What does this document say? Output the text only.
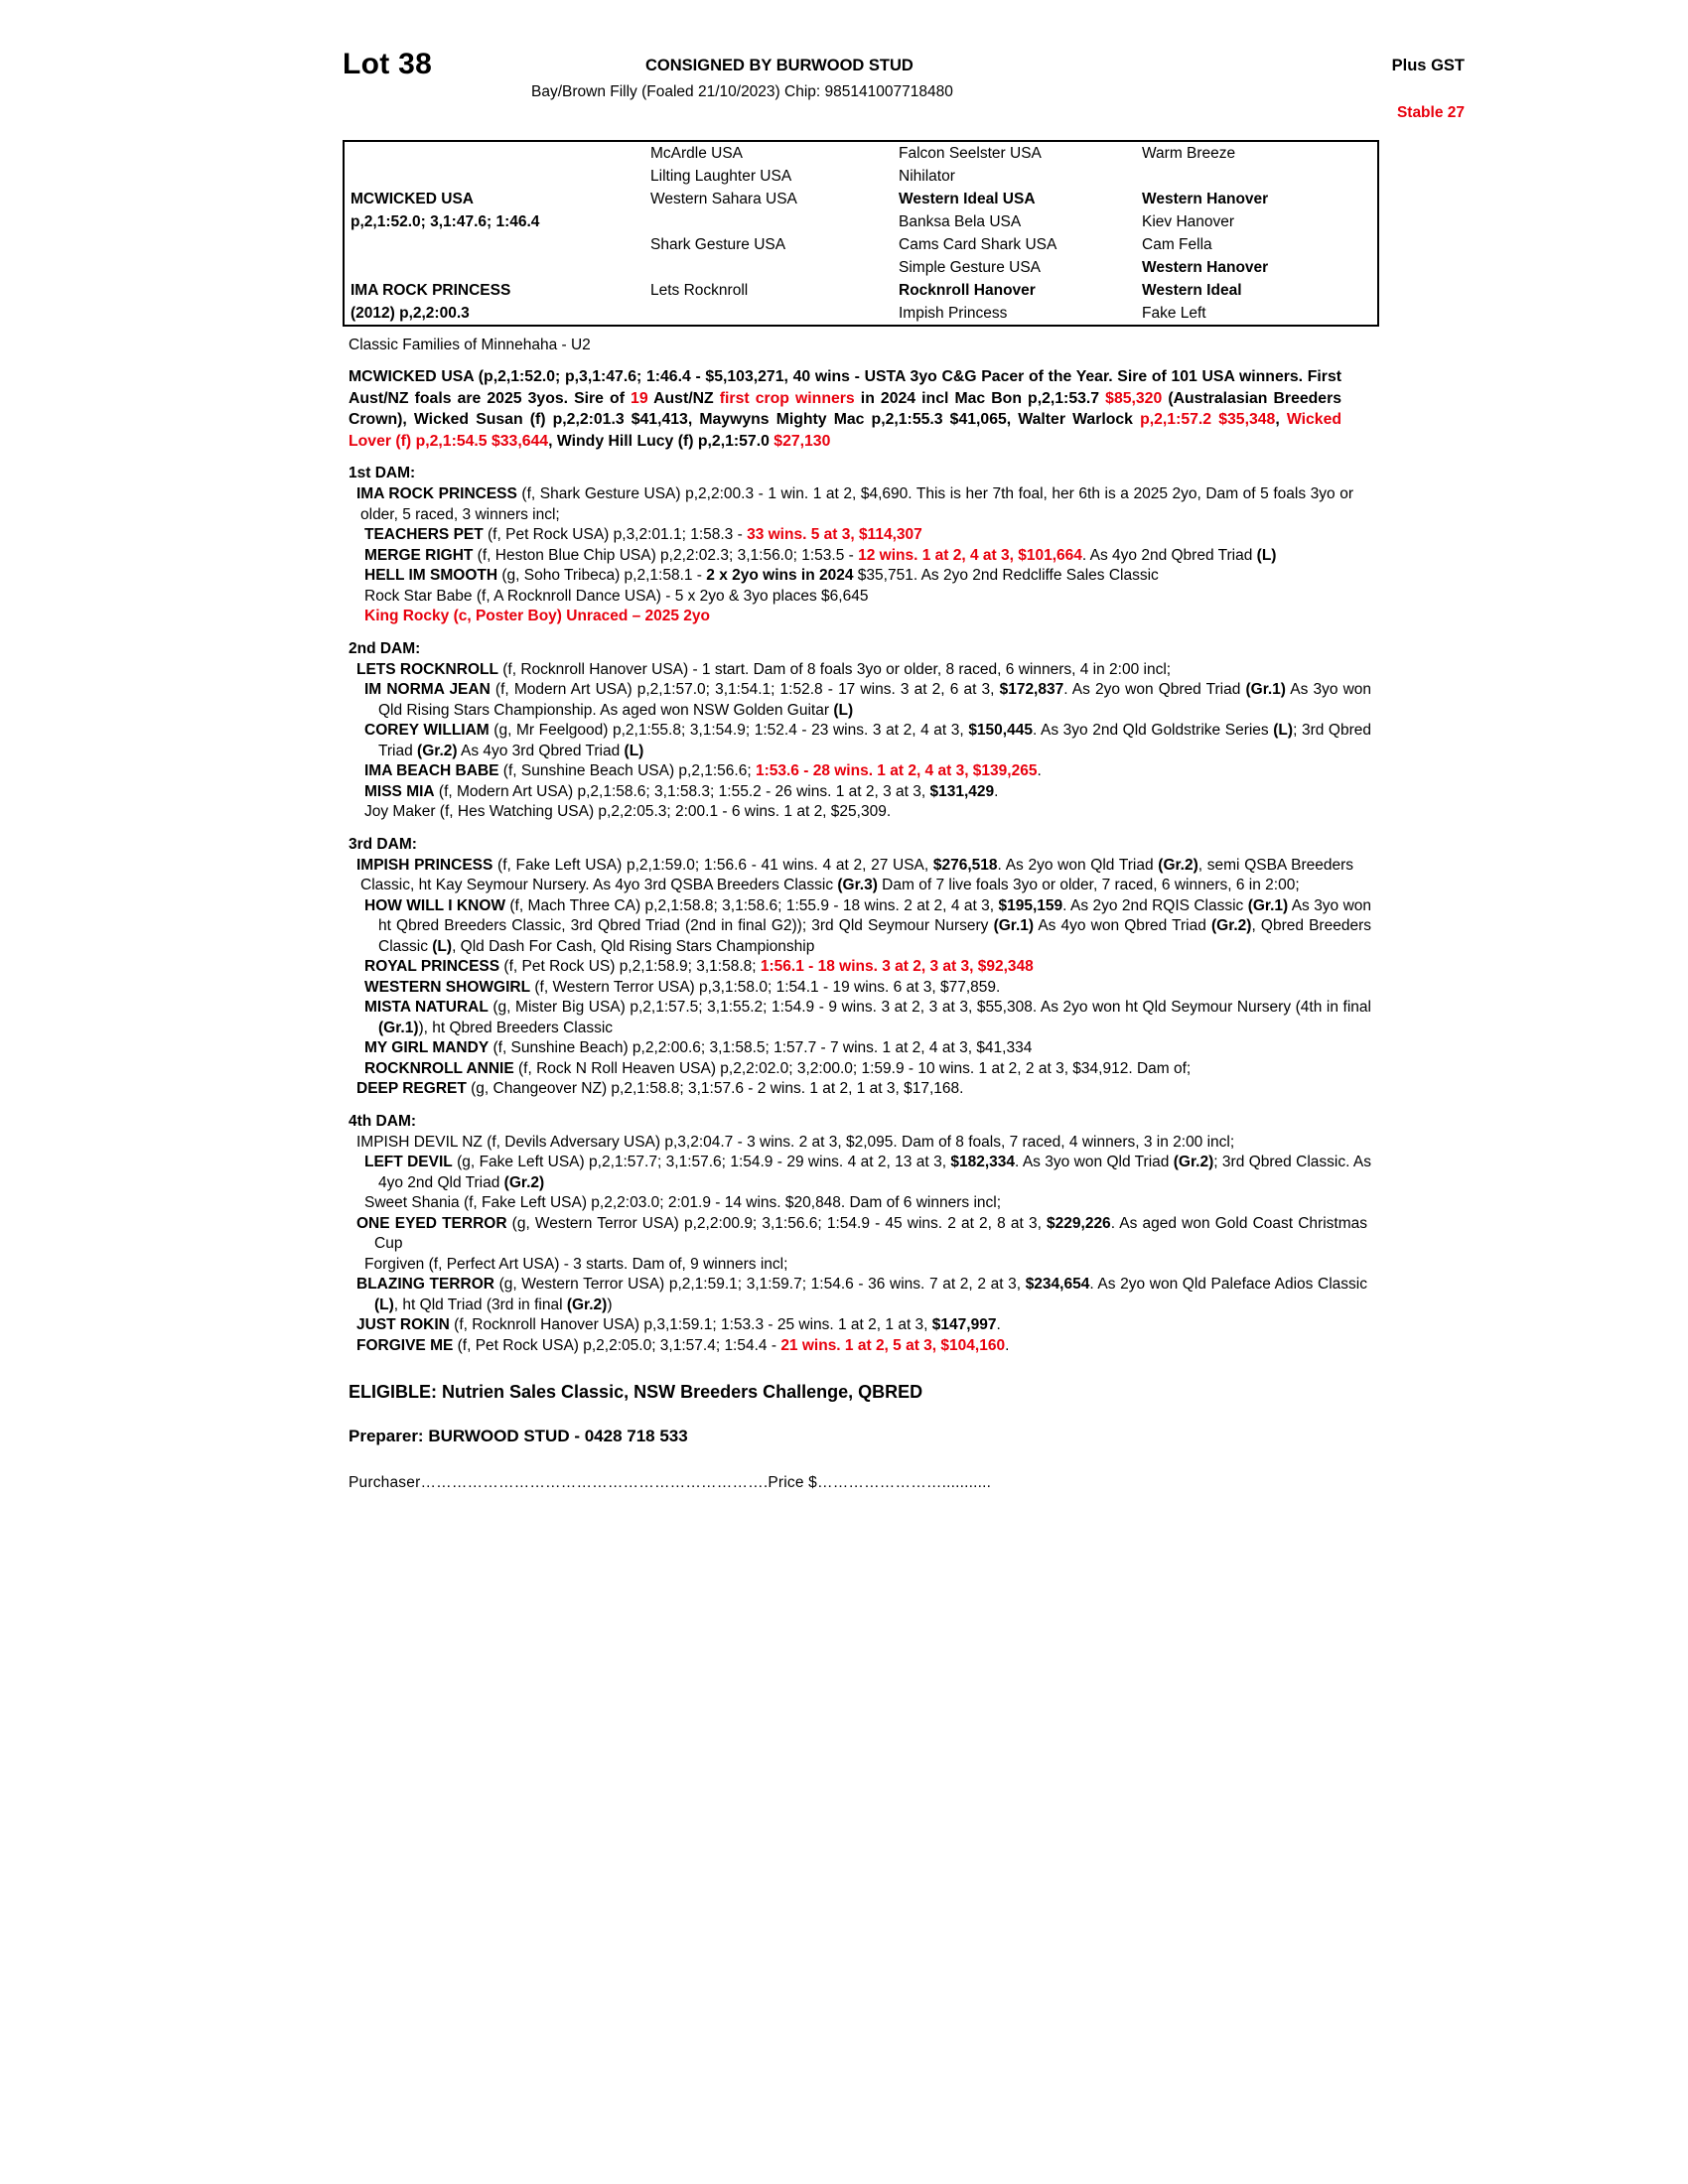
Lot 38	CONSIGNED BY BURWOOD STUD	Plus GST
Bay/Brown Filly (Foaled 21/10/2023) Chip: 985141007718480
Stable 27
	McArdle USA	Falcon Seelster USA	Warm Breeze
	Lilting Laughter USA	Nihilator	
MCWICKED USA	Western Sahara USA	Western Ideal USA	Western Hanover
p,2,1:52.0; 3,1:47.6; 1:46.4		Banksa Bela USA	Kiev Hanover
	Shark Gesture USA	Cams Card Shark USA	Cam Fella
		Simple Gesture USA	Western Hanover
IMA ROCK PRINCESS	Lets Rocknroll	Rocknroll Hanover	Western Ideal
(2012) p,2,2:00.3		Impish Princess	Fake Left
Classic Families of Minnehaha - U2
MCWICKED USA (p,2,1:52.0; p,3,1:47.6; 1:46.4 - $5,103,271, 40 wins - USTA 3yo C&G Pacer of the Year. Sire of 101 USA winners. First Aust/NZ foals are 2025 3yos. Sire of 19 Aust/NZ first crop winners in 2024 incl Mac Bon p,2,1:53.7 $85,320 (Australasian Breeders Crown), Wicked Susan (f) p,2,2:01.3 $41,413, Maywyns Mighty Mac p,2,1:55.3 $41,065, Walter Warlock p,2,1:57.2 $35,348, Wicked Lover (f) p,2,1:54.5 $33,644, Windy Hill Lucy (f) p,2,1:57.0 $27,130
1st DAM:
IMA ROCK PRINCESS (f, Shark Gesture USA) p,2,2:00.3 - 1 win. 1 at 2, $4,690. This is her 7th foal, her 6th is a 2025 2yo, Dam of 5 foals 3yo or older, 5 raced, 3 winners incl;
TEACHERS PET (f, Pet Rock USA) p,3,2:01.1; 1:58.3 - 33 wins. 5 at 3, $114,307
MERGE RIGHT (f, Heston Blue Chip USA) p,2,2:02.3; 3,1:56.0; 1:53.5 - 12 wins. 1 at 2, 4 at 3, $101,664. As 4yo 2nd Qbred Triad (L)
HELL IM SMOOTH (g, Soho Tribeca) p,2,1:58.1 - 2 x 2yo wins in 2024 $35,751. As 2yo 2nd Redcliffe Sales Classic
Rock Star Babe (f, A Rocknroll Dance USA) - 5 x 2yo & 3yo places $6,645
King Rocky (c, Poster Boy) Unraced – 2025 2yo
2nd DAM:
LETS ROCKNROLL (f, Rocknroll Hanover USA) - 1 start. Dam of 8 foals 3yo or older, 8 raced, 6 winners, 4 in 2:00 incl;
IM NORMA JEAN (f, Modern Art USA) p,2,1:57.0; 3,1:54.1; 1:52.8 - 17 wins. 3 at 2, 6 at 3, $172,837. As 2yo won Qbred Triad (Gr.1) As 3yo won Qld Rising Stars Championship. As aged won NSW Golden Guitar (L)
COREY WILLIAM (g, Mr Feelgood) p,2,1:55.8; 3,1:54.9; 1:52.4 - 23 wins. 3 at 2, 4 at 3, $150,445. As 3yo 2nd Qld Goldstrike Series (L); 3rd Qbred Triad (Gr.2) As 4yo 3rd Qbred Triad (L)
IMA BEACH BABE (f, Sunshine Beach USA) p,2,1:56.6; 1:53.6 - 28 wins. 1 at 2, 4 at 3, $139,265.
MISS MIA (f, Modern Art USA) p,2,1:58.6; 3,1:58.3; 1:55.2 - 26 wins. 1 at 2, 3 at 3, $131,429.
Joy Maker (f, Hes Watching USA) p,2,2:05.3; 2:00.1 - 6 wins. 1 at 2, $25,309.
3rd DAM:
IMPISH PRINCESS (f, Fake Left USA) p,2,1:59.0; 1:56.6 - 41 wins. 4 at 2, 27 USA, $276,518. As 2yo won Qld Triad (Gr.2), semi QSBA Breeders Classic, ht Kay Seymour Nursery. As 4yo 3rd QSBA Breeders Classic (Gr.3) Dam of 7 live foals 3yo or older, 7 raced, 6 winners, 6 in 2:00;
HOW WILL I KNOW (f, Mach Three CA) p,2,1:58.8; 3,1:58.6; 1:55.9 - 18 wins. 2 at 2, 4 at 3, $195,159. As 2yo 2nd RQIS Classic (Gr.1) As 3yo won ht Qbred Breeders Classic, 3rd Qbred Triad (2nd in final G2)); 3rd Qld Seymour Nursery (Gr.1) As 4yo won Qbred Triad (Gr.2), Qbred Breeders Classic (L), Qld Dash For Cash, Qld Rising Stars Championship
ROYAL PRINCESS (f, Pet Rock US) p,2,1:58.9; 3,1:58.8; 1:56.1 - 18 wins. 3 at 2, 3 at 3, $92,348
WESTERN SHOWGIRL (f, Western Terror USA) p,3,1:58.0; 1:54.1 - 19 wins. 6 at 3, $77,859.
MISTA NATURAL (g, Mister Big USA) p,2,1:57.5; 3,1:55.2; 1:54.9 - 9 wins. 3 at 2, 3 at 3, $55,308. As 2yo won ht Qld Seymour Nursery (4th in final (Gr.1)), ht Qbred Breeders Classic
MY GIRL MANDY (f, Sunshine Beach) p,2,2:00.6; 3,1:58.5; 1:57.7 - 7 wins. 1 at 2, 4 at 3, $41,334
ROCKNROLL ANNIE (f, Rock N Roll Heaven USA) p,2,2:02.0; 3,2:00.0; 1:59.9 - 10 wins. 1 at 2, 2 at 3, $34,912. Dam of;
DEEP REGRET (g, Changeover NZ) p,2,1:58.8; 3,1:57.6 - 2 wins. 1 at 2, 1 at 3, $17,168.
4th DAM:
IMPISH DEVIL NZ (f, Devils Adversary USA) p,3,2:04.7 - 3 wins. 2 at 3, $2,095. Dam of 8 foals, 7 raced, 4 winners, 3 in 2:00 incl;
LEFT DEVIL (g, Fake Left USA) p,2,1:57.7; 3,1:57.6; 1:54.9 - 29 wins. 4 at 2, 13 at 3, $182,334. As 3yo won Qld Triad (Gr.2); 3rd Qbred Classic. As 4yo 2nd Qld Triad (Gr.2)
Sweet Shania (f, Fake Left USA) p,2,2:03.0; 2:01.9 - 14 wins. $20,848. Dam of 6 winners incl;
ONE EYED TERROR (g, Western Terror USA) p,2,2:00.9; 3,1:56.6; 1:54.9 - 45 wins. 2 at 2, 8 at 3, $229,226. As aged won Gold Coast Christmas Cup
Forgiven (f, Perfect Art USA) - 3 starts. Dam of, 9 winners incl;
BLAZING TERROR (g, Western Terror USA) p,2,1:59.1; 3,1:59.7; 1:54.6 - 36 wins. 7 at 2, 2 at 3, $234,654. As 2yo won Qld Paleface Adios Classic (L), ht Qld Triad (3rd in final (Gr.2))
JUST ROKIN (f, Rocknroll Hanover USA) p,3,1:59.1; 1:53.3 - 25 wins. 1 at 2, 1 at 3, $147,997.
FORGIVE ME (f, Pet Rock USA) p,2,2:05.0; 3,1:57.4; 1:54.4 - 21 wins. 1 at 2, 5 at 3, $104,160.
ELIGIBLE: Nutrien Sales Classic, NSW Breeders Challenge, QBRED
Preparer: BURWOOD STUD - 0428 718 533
Purchaser………………………………………………………….Price $……………………...........
